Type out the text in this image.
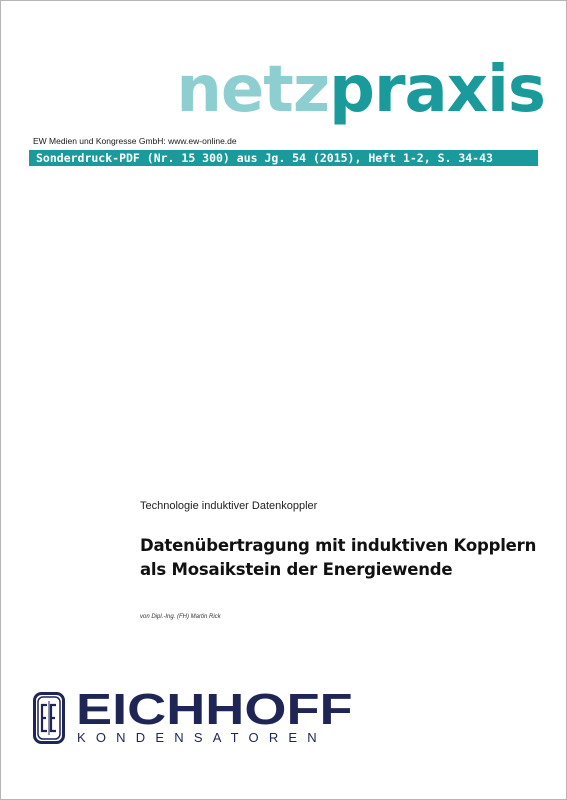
netzpraxis
EW Medien und Kongresse GmbH: www.ew-online.de
Sonderdruck-PDF (Nr. 15 300) aus Jg. 54 (2015), Heft 1-2, S. 34-43
Technologie induktiver Datenkoppler
Datenübertragung mit induktiven Kopplern
als Mosaikstein der Energiewende
von Dipl.-Ing. (FH) Martin Rick
EICHHOFF
KONDENSATOREN
